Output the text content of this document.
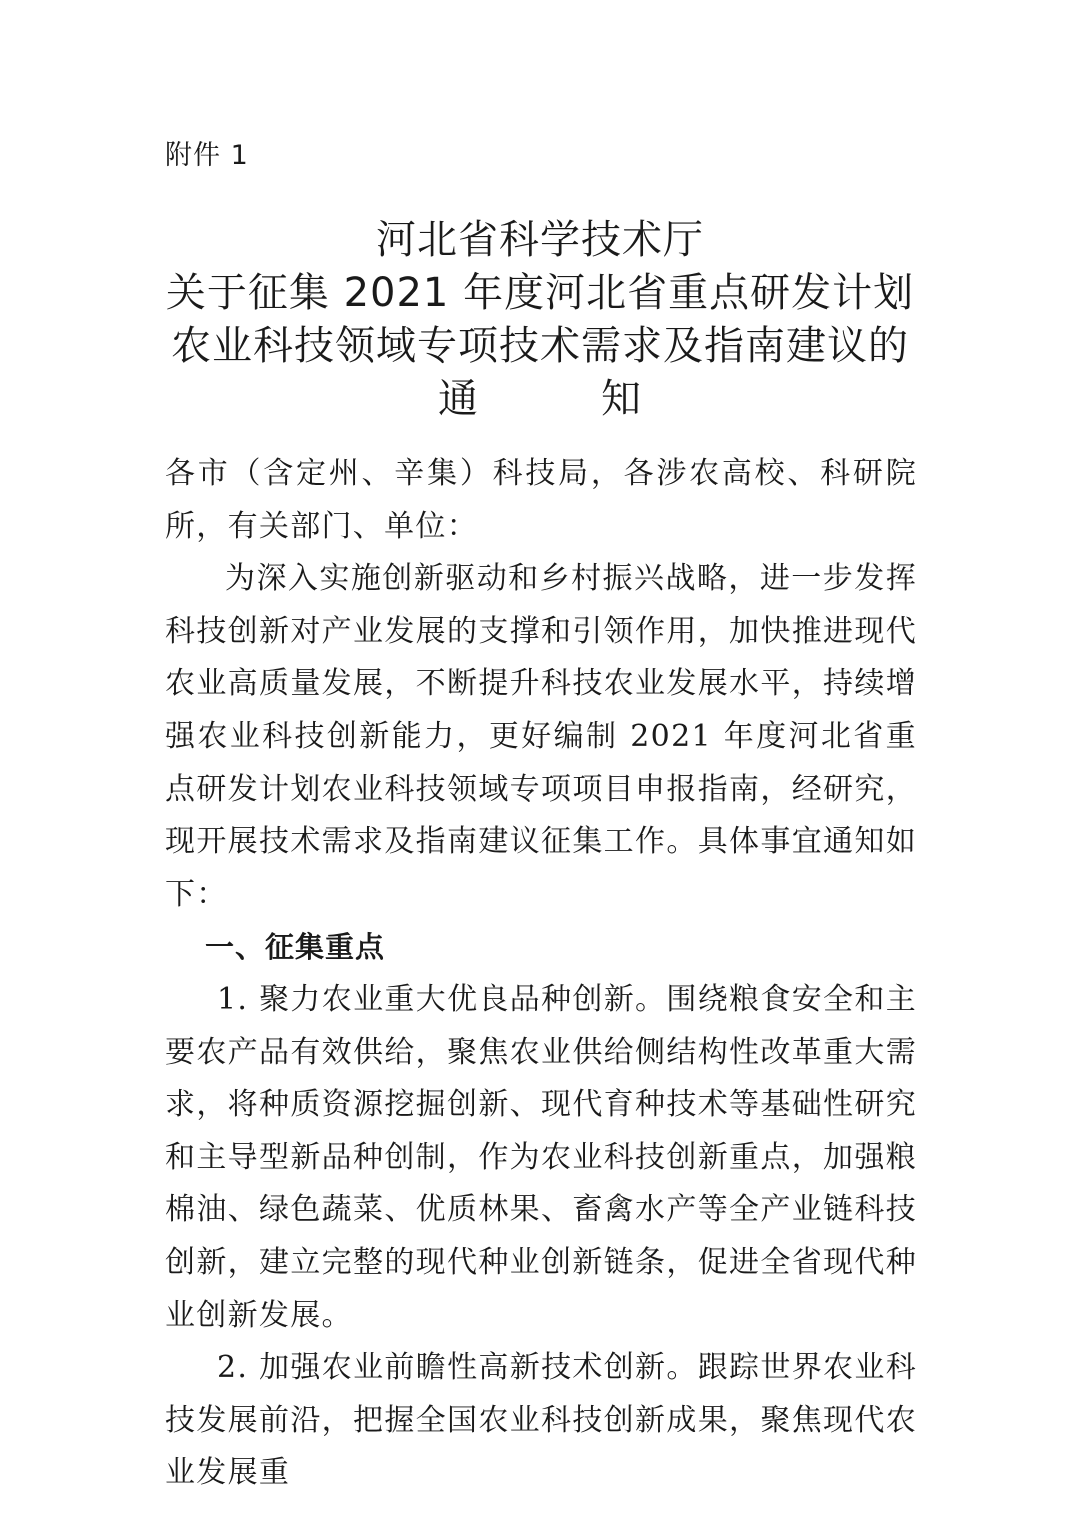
附件 1
河北省科学技术厅
关于征集 2021 年度河北省重点研发计划
农业科技领域专项技术需求及指南建议的
通	知

各市（含定州、辛集）科技局，各涉农高校、科研院所，有关部门、单位：

为深入实施创新驱动和乡村振兴战略，进一步发挥科技创新对产业发展的支撑和引领作用，加快推进现代农业高质量发展，不断提升科技农业发展水平，持续增强农业科技创新能力，更好编制 2021 年度河北省重点研发计划农业科技领域专项项目申报指南，经研究，现开展技术需求及指南建议征集工作。具体事宜通知如下：

一、征集重点

1. 聚力农业重大优良品种创新。围绕粮食安全和主要农产品有效供给，聚焦农业供给侧结构性改革重大需求，将种质资源挖掘创新、现代育种技术等基础性研究和主导型新品种创制，作为农业科技创新重点，加强粮棉油、绿色蔬菜、优质林果、畜禽水产等全产业链科技创新，建立完整的现代种业创新链条，促进全省现代种业创新发展。

2. 加强农业前瞻性高新技术创新。跟踪世界农业科技发展前沿，把握全国农业科技创新成果，聚焦现代农业发展重
